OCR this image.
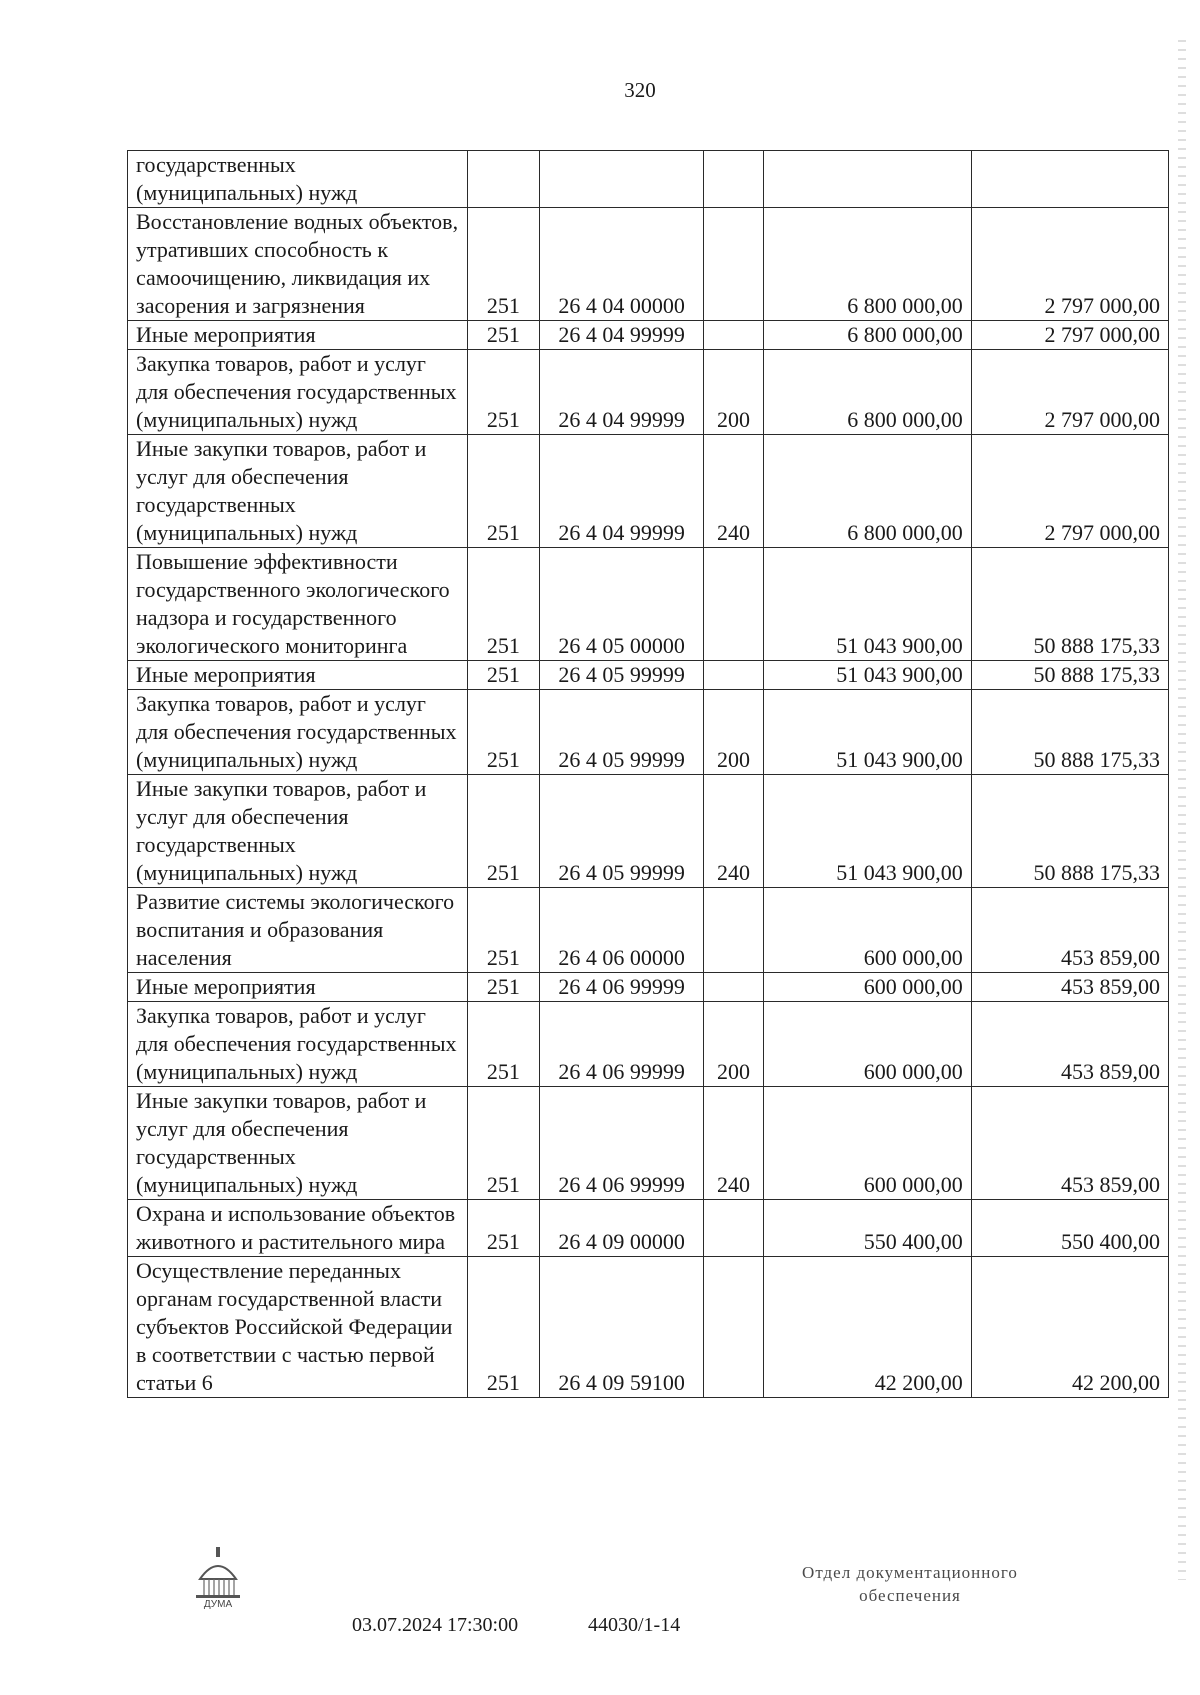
320
государственных (муниципальных) нужд					
Восстановление водных объектов, утративших способность к самоочищению, ликвидация их засорения и загрязнения	251	26 4 04 00000		6 800 000,00	2 797 000,00
Иные мероприятия	251	26 4 04 99999		6 800 000,00	2 797 000,00
Закупка товаров, работ и услуг для обеспечения государственных (муниципальных) нужд	251	26 4 04 99999	200	6 800 000,00	2 797 000,00
Иные закупки товаров, работ и услуг для обеспечения государственных (муниципальных) нужд	251	26 4 04 99999	240	6 800 000,00	2 797 000,00
Повышение эффективности государственного экологического надзора и государственного экологического мониторинга	251	26 4 05 00000		51 043 900,00	50 888 175,33
Иные мероприятия	251	26 4 05 99999		51 043 900,00	50 888 175,33
Закупка товаров, работ и услуг для обеспечения государственных (муниципальных) нужд	251	26 4 05 99999	200	51 043 900,00	50 888 175,33
Иные закупки товаров, работ и услуг для обеспечения государственных (муниципальных) нужд	251	26 4 05 99999	240	51 043 900,00	50 888 175,33
Развитие системы экологического воспитания и образования населения	251	26 4 06 00000		600 000,00	453 859,00
Иные мероприятия	251	26 4 06 99999		600 000,00	453 859,00
Закупка товаров, работ и услуг для обеспечения государственных (муниципальных) нужд	251	26 4 06 99999	200	600 000,00	453 859,00
Иные закупки товаров, работ и услуг для обеспечения государственных (муниципальных) нужд	251	26 4 06 99999	240	600 000,00	453 859,00
Охрана и использование объектов животного и растительного мира	251	26 4 09 00000		550 400,00	550 400,00
Осуществление переданных органам государственной власти субъектов Российской Федерации в соответствии с частью первой статьи 6	251	26 4 09 59100		42 200,00	42 200,00
ДУМА
03.07.2024 17:30:00	44030/1-14
Отдел документационного
обеспечения
